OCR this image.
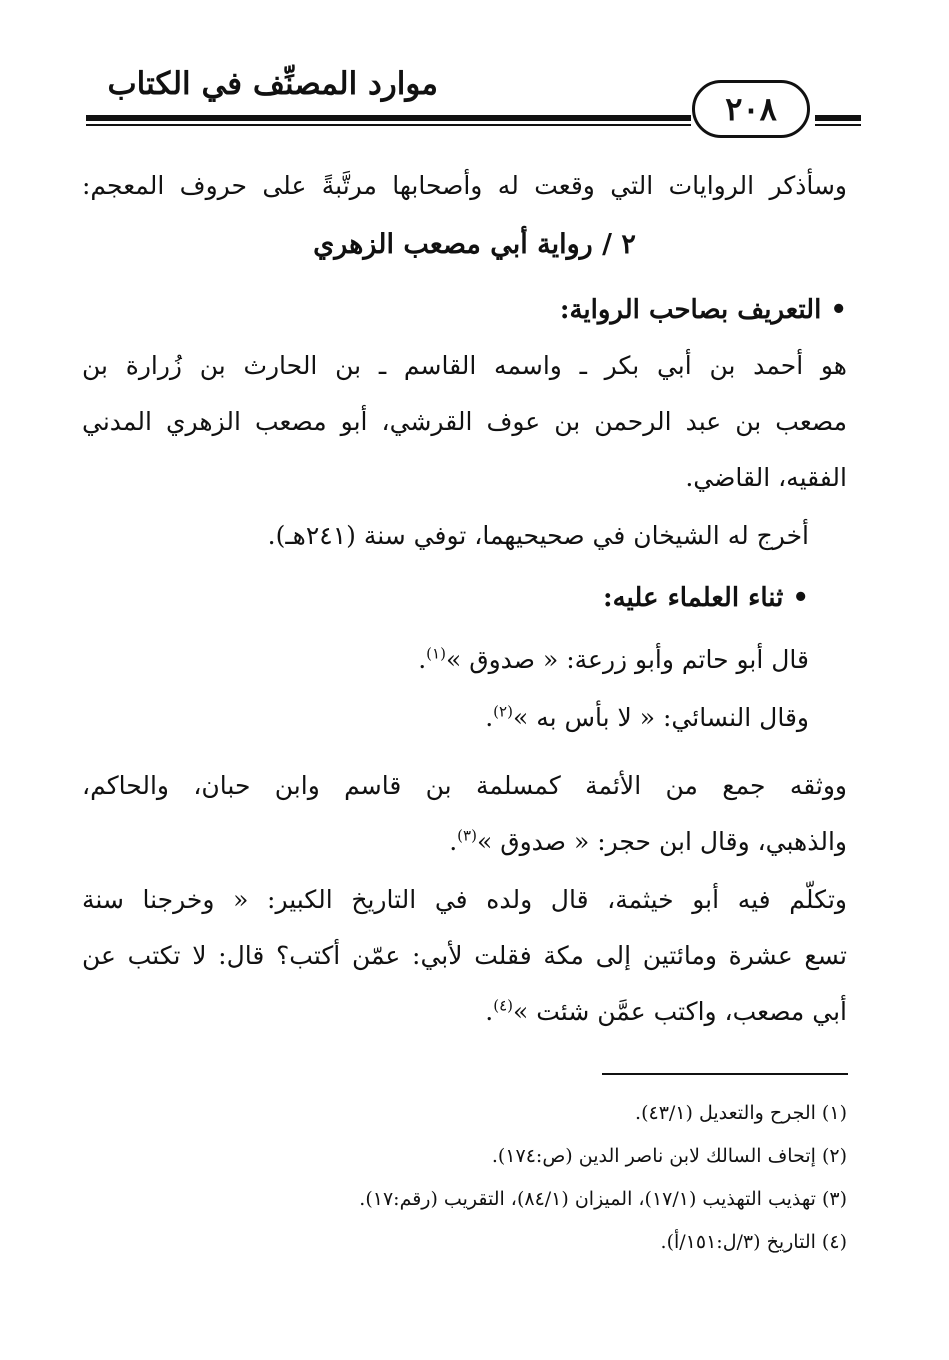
موارد المصنِّف في الكتاب
٢٠٨
وسأذكر الروايات التي وقعت له وأصحابها مرتَّبةً على حروف المعجم:
٢ / رواية أبي مصعب الزهري
• التعريف بصاحب الرواية:
هو أحمد بن أبي بكر ـ واسمه القاسم ـ بن الحارث بن زُرارة بن
مصعب بن عبد الرحمن بن عوف القرشي، أبو مصعب الزهري المدني
الفقيه، القاضي.
أخرج له الشيخان في صحيحيهما، توفي سنة (٢٤١هـ).
• ثناء العلماء عليه:
قال أبو حاتم وأبو زرعة: « صدوق »$^{(١)}$.
وقال النسائي: « لا بأس به »$^{(٢)}$.
ووثقه جمع من الأئمة كمسلمة بن قاسم وابن حبان، والحاكم،
والذهبي، وقال ابن حجر: « صدوق »$^{(٣)}$.
وتكلّم فيه أبو خيثمة، قال ولده في التاريخ الكبير: « وخرجنا سنة
تسع عشرة ومائتين إلى مكة فقلت لأبي: عمّن أكتب؟ قال: لا تكتب عن
أبي مصعب، واكتب عمَّن شئت »$^{(٤)}$.
(١) الجرح والتعديل (٤٣/١).
(٢) إتحاف السالك لابن ناصر الدين (ص:١٧٤).
(٣) تهذيب التهذيب (١٧/١)، الميزان (٨٤/١)، التقريب (رقم:١٧).
(٤) التاريخ (٣/ل:١٥١/أ).
